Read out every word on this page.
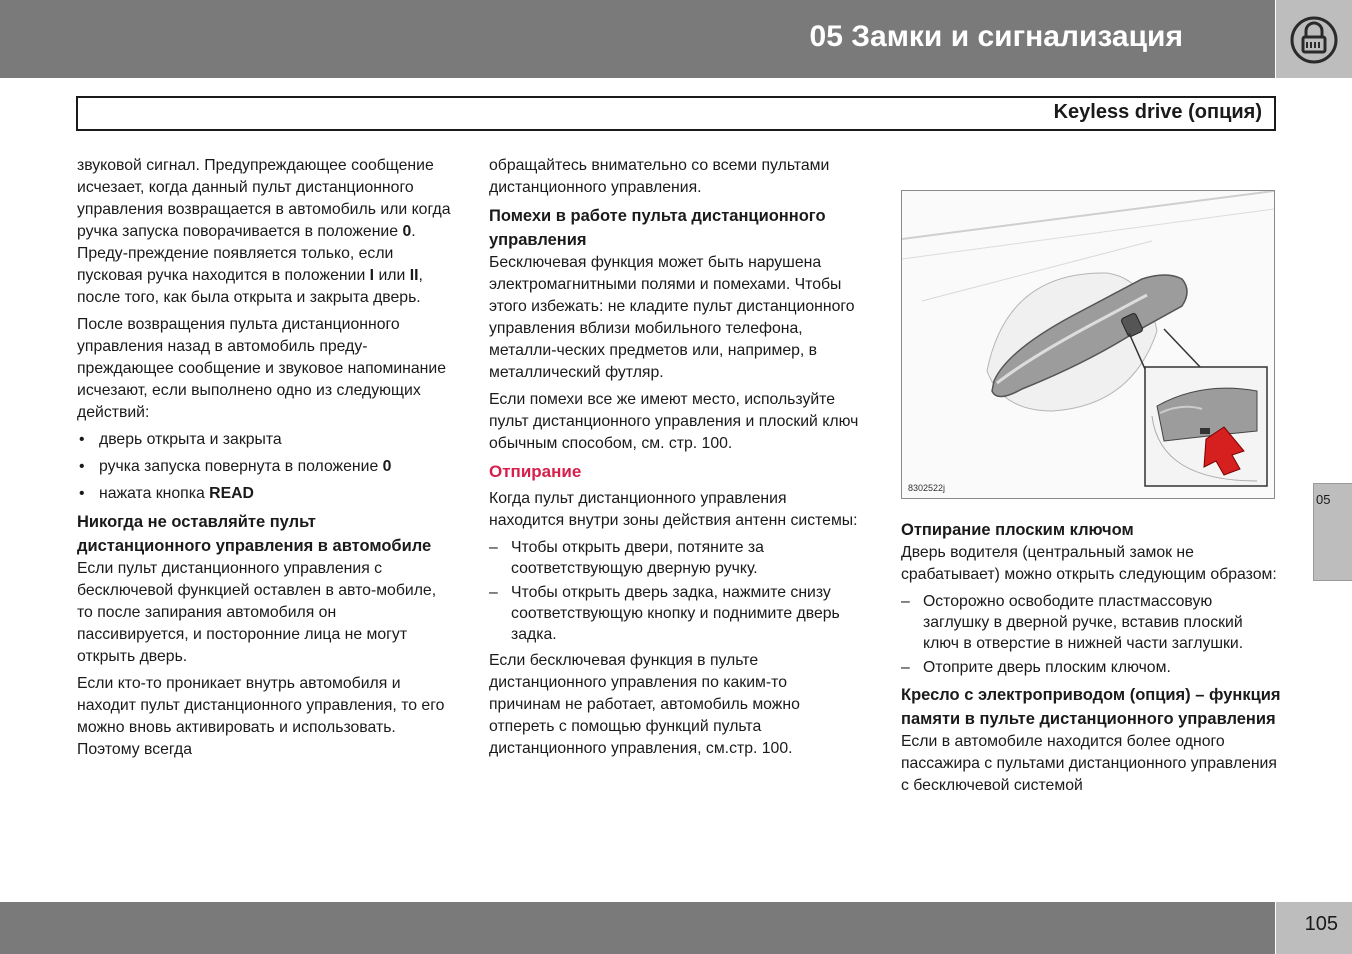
05 Замки и сигнализация
Keyless drive (опция)

звуковой сигнал. Предупреждающее сообщение исчезает, когда данный пульт дистанционного управления возвращается в автомобиль или когда ручка запуска поворачивается в положение 0. Преду-преждение появляется только, если пусковая ручка находится в положении I или II, после того, как была открыта и закрыта дверь.

После возвращения пульта дистанционного управления назад в автомобиль преду-преждающее сообщение и звуковое напоминание исчезают, если выполнено одно из следующих действий:

• дверь открыта и закрыта
• ручка запуска повернута в положение 0
• нажата кнопка READ
Никогда не оставляйте пульт дистанционного управления в автомобиле

Если пульт дистанционного управления с бесключевой функцией оставлен в авто-мобиле, то после запирания автомобиля он пассивируется, и посторонние лица не могут открыть дверь.

Если кто-то проникает внутрь автомобиля и находит пульт дистанционного управления, то его можно вновь активировать и использовать. Поэтому всегда

обращайтесь внимательно со всеми пультами дистанционного управления.

Помехи в работе пульта дистанционного управления

Бесключевая функция может быть нарушена электромагнитными полями и помехами. Чтобы этого избежать: не кладите пульт дистанционного управления вблизи мобильного телефона, металли-ческих предметов или, например, в металлический футляр.

Если помехи все же имеют место, используйте пульт дистанционного управления и плоский ключ обычным способом, см. стр. 100.

Отпирание

Когда пульт дистанционного управления находится внутри зоны действия антенн системы:

– Чтобы открыть двери, потяните за соответствующую дверную ручку.
– Чтобы открыть дверь задка, нажмите снизу соответствующую кнопку и поднимите дверь задка.

Если бесключевая функция в пульте дистанционного управления по каким-то причинам не работает, автомобиль можно отпереть с помощью функций пульта дистанционного управления, см.стр. 100.

8302522j
Отпирание плоским ключом

Дверь водителя (центральный замок не срабатывает) можно открыть следующим образом:

– Осторожно освободите пластмассовую заглушку в дверной ручке, вставив плоский ключ в отверстие в нижней части заглушки.
– Отоприте дверь плоским ключом.
Кресло с электроприводом (опция) – функция памяти в пульте дистанционного управления

Если в автомобиле находится более одного пассажира с пультами дистанционного управления с бесключевой системой

05
105
